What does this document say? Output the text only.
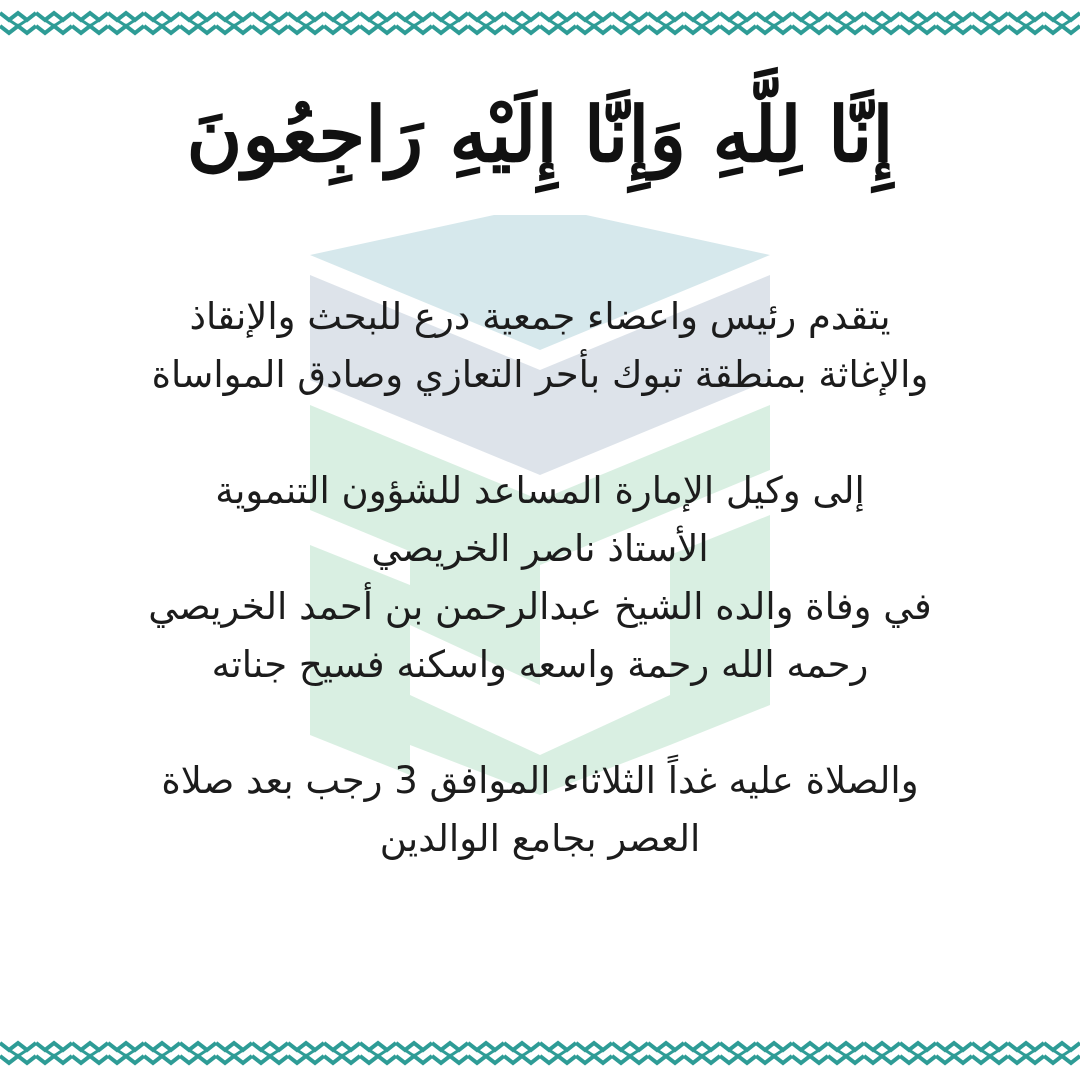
إِنَّا لِلَّهِ وَإِنَّا إِلَيْهِ رَاجِعُونَ
يتقدم رئيس واعضاء جمعية درع للبحث والإنقاذ
والإغاثة بمنطقة تبوك بأحر التعازي وصادق المواساة
إلى وكيل الإمارة المساعد للشؤون التنموية
الأستاذ ناصر الخريصي
في وفاة والده الشيخ عبدالرحمن بن أحمد الخريصي
رحمه الله رحمة واسعه واسكنه فسيح جناته
والصلاة عليه غداً الثلاثاء الموافق 3 رجب بعد صلاة
العصر بجامع الوالدين
